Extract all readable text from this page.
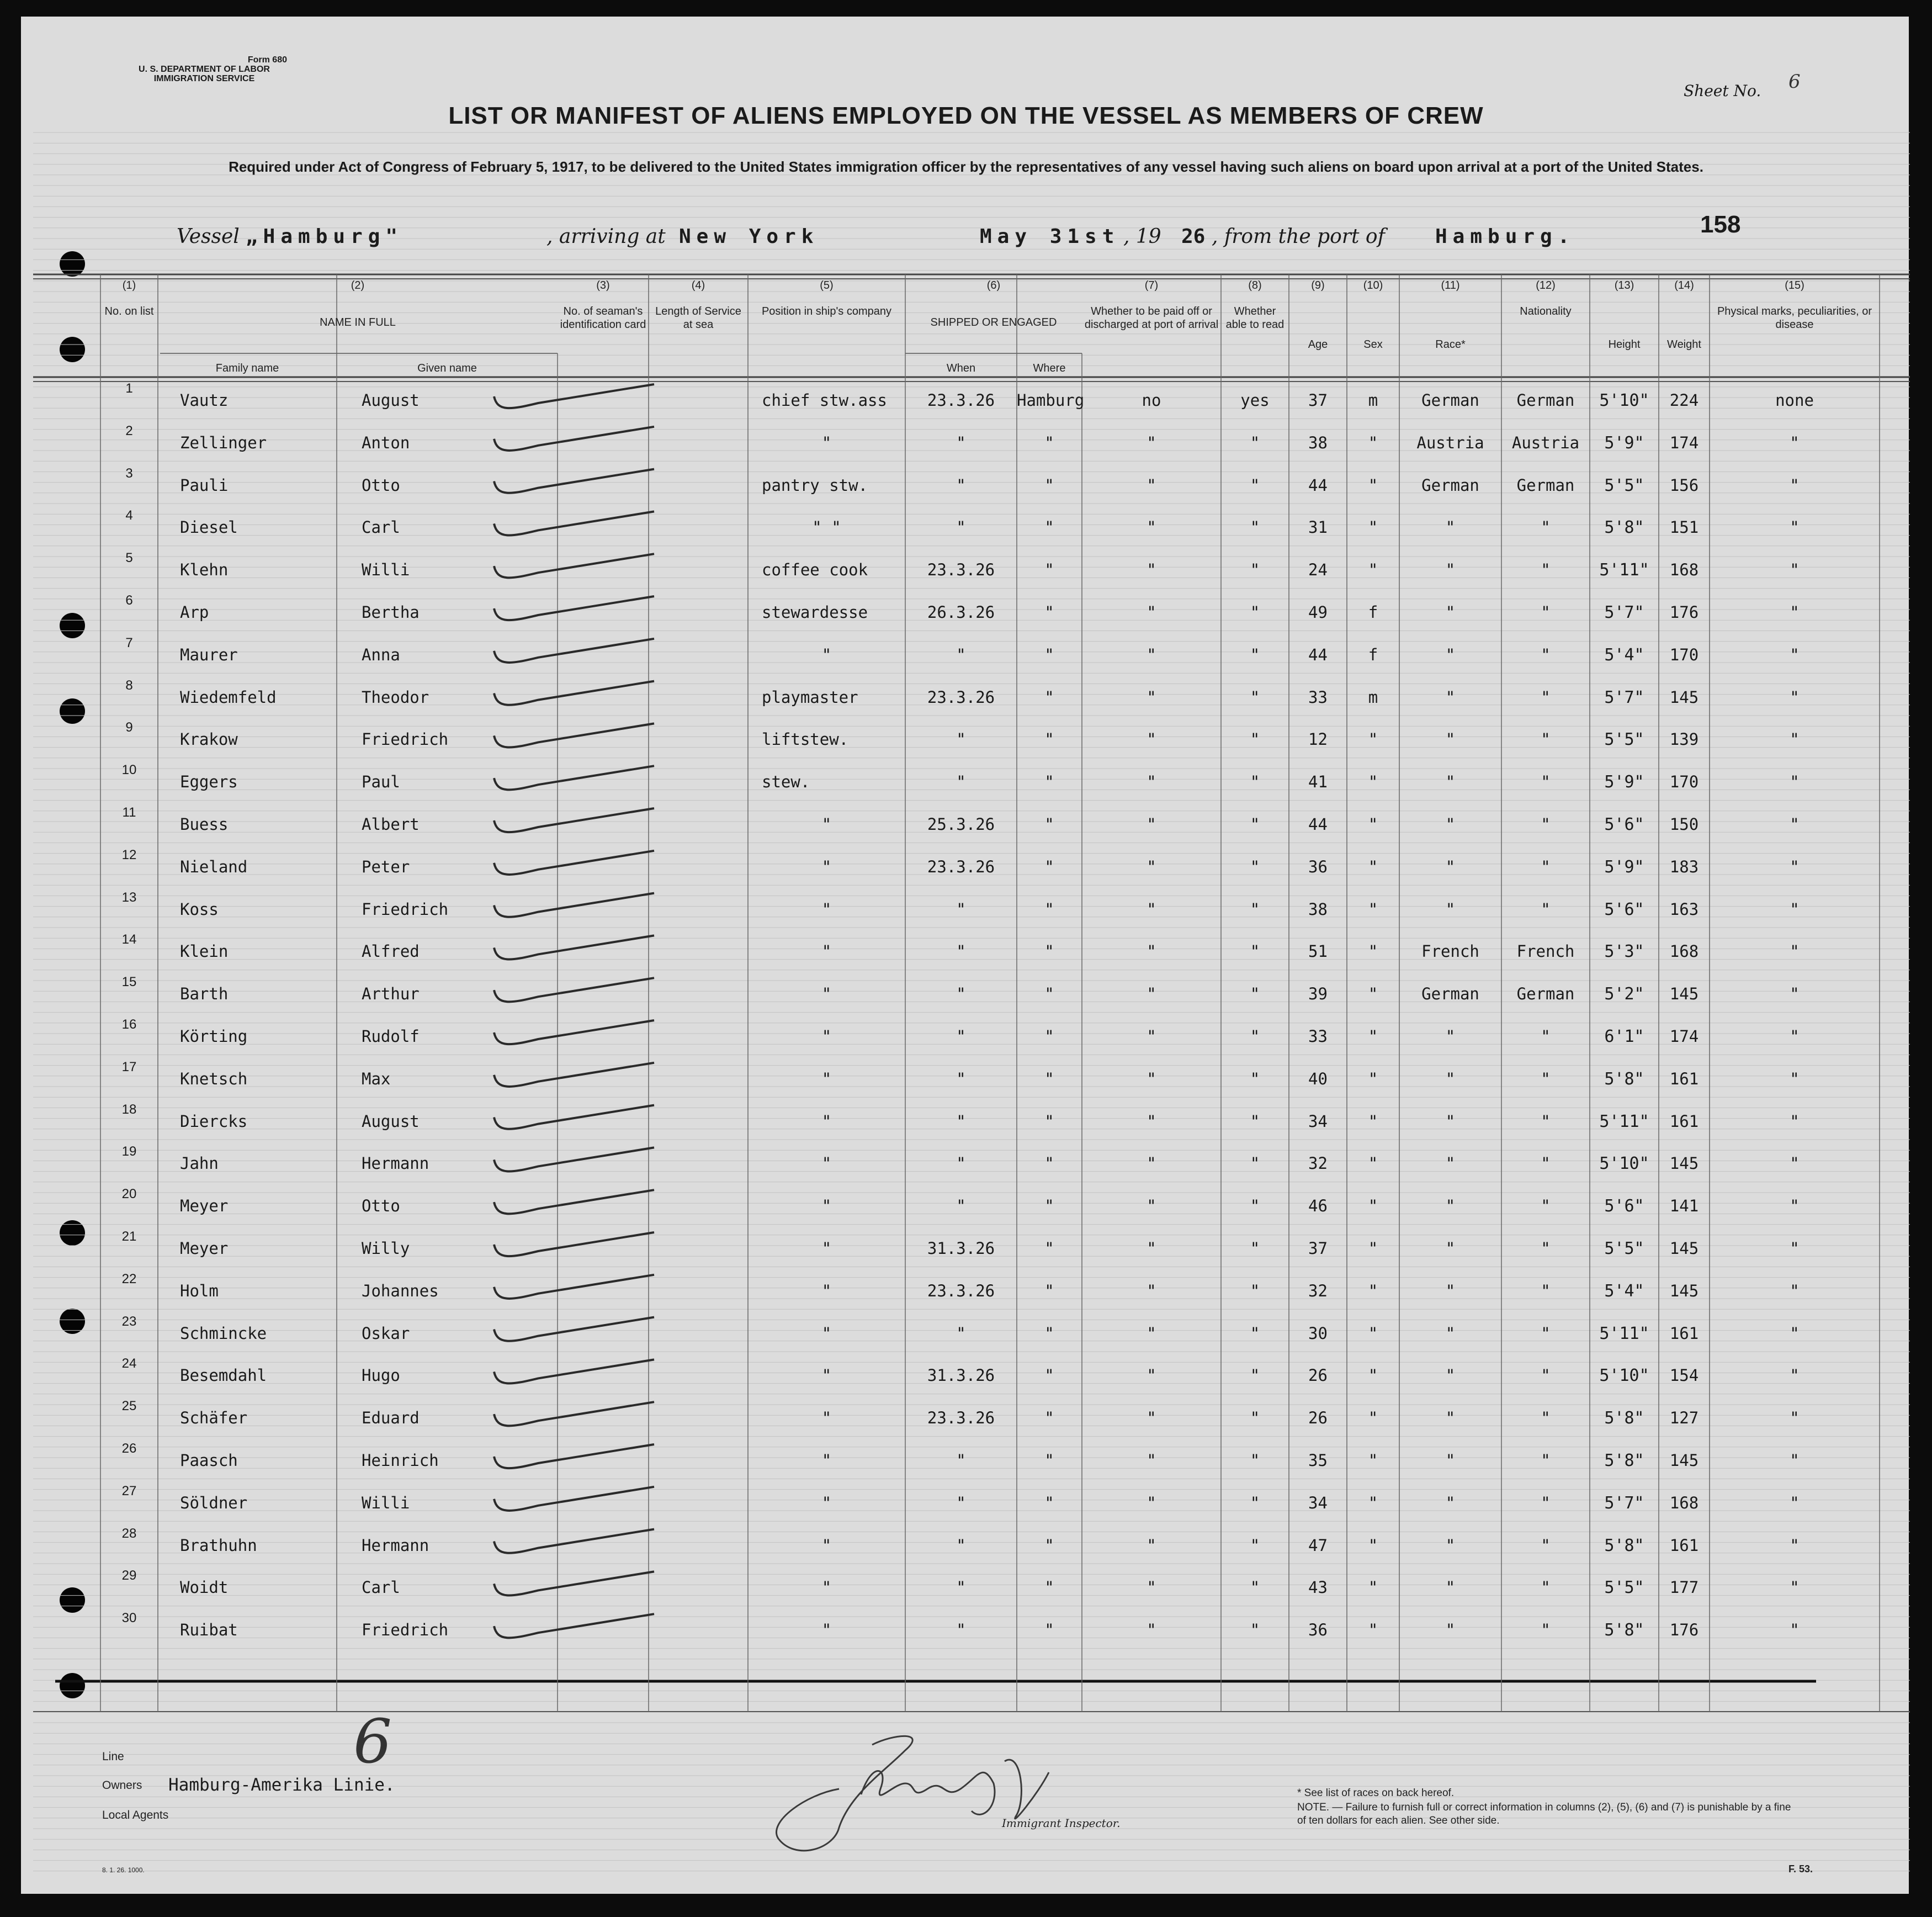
Form 680
U. S. DEPARTMENT OF LABOR
IMMIGRATION SERVICE
Sheet No. 6
LIST OR MANIFEST OF ALIENS EMPLOYED ON THE VESSEL AS MEMBERS OF CREW
Required under Act of Congress of February 5, 1917, to be delivered to the United States immigration officer by the representatives of any vessel having such aliens on board upon arrival at a port of the United States.
Vessel „Hamburg"	, arriving at New York	May 31st , 19 26 , from the port of	Hamburg.	158
(1)
No. on list
(2)
NAME IN FULL
Family name	Given name
(3)
No. of seaman's identification card
(4)
Length of Service at sea
(5)
Position in ship's company
(6)
SHIPPED OR ENGAGED
When	Where
(7)
Whether to be paid off or discharged at port of arrival
(8)
Whether able to read
(9)
Age
(10)
Sex
(11)
Race*
(12)
Nationality
(13)
Height
(14)
Weight
(15)
Physical marks, peculiarities, or disease
1
Vautz	August	chief stw.ass	23.3.26	Hamburg	no	yes	37	m	German	German	5'10"	224	none
2
Zellinger	Anton	"	"	"	"	"	38	"	Austria	Austria	5'9"	174	"
3
Pauli	Otto	pantry stw.	"	"	"	"	44	"	German	German	5'5"	156	"
4
Diesel	Carl	" "	"	"	"	"	31	"	"	"	5'8"	151	"
5
Klehn	Willi	coffee cook	23.3.26	"	"	"	24	"	"	"	5'11"	168	"
6
Arp	Bertha	stewardesse	26.3.26	"	"	"	49	f	"	"	5'7"	176	"
7
Maurer	Anna	"	"	"	"	"	44	f	"	"	5'4"	170	"
8
Wiedemfeld	Theodor	playmaster	23.3.26	"	"	"	33	m	"	"	5'7"	145	"
9
Krakow	Friedrich	liftstew.	"	"	"	"	12	"	"	"	5'5"	139	"
10
Eggers	Paul	stew.	"	"	"	"	41	"	"	"	5'9"	170	"
11
Buess	Albert	"	25.3.26	"	"	"	44	"	"	"	5'6"	150	"
12
Nieland	Peter	"	23.3.26	"	"	"	36	"	"	"	5'9"	183	"
13
Koss	Friedrich	"	"	"	"	"	38	"	"	"	5'6"	163	"
14
Klein	Alfred	"	"	"	"	"	51	"	French	French	5'3"	168	"
15
Barth	Arthur	"	"	"	"	"	39	"	German	German	5'2"	145	"
16
Körting	Rudolf	"	"	"	"	"	33	"	"	"	6'1"	174	"
17
Knetsch	Max	"	"	"	"	"	40	"	"	"	5'8"	161	"
18
Diercks	August	"	"	"	"	"	34	"	"	"	5'11"	161	"
19
Jahn	Hermann	"	"	"	"	"	32	"	"	"	5'10"	145	"
20
Meyer	Otto	"	"	"	"	"	46	"	"	"	5'6"	141	"
21
Meyer	Willy	"	31.3.26	"	"	"	37	"	"	"	5'5"	145	"
22
Holm	Johannes	"	23.3.26	"	"	"	32	"	"	"	5'4"	145	"
23
Schmincke	Oskar	"	"	"	"	"	30	"	"	"	5'11"	161	"
24
Besemdahl	Hugo	"	31.3.26	"	"	"	26	"	"	"	5'10"	154	"
25
Schäfer	Eduard	"	23.3.26	"	"	"	26	"	"	"	5'8"	127	"
26
Paasch	Heinrich	"	"	"	"	"	35	"	"	"	5'8"	145	"
27
Söldner	Willi	"	"	"	"	"	34	"	"	"	5'7"	168	"
28
Brathuhn	Hermann	"	"	"	"	"	47	"	"	"	5'8"	161	"
29
Woidt	Carl	"	"	"	"	"	43	"	"	"	5'5"	177	"
30
Ruibat	Friedrich	"	"	"	"	"	36	"	"	"	5'8"	176	"
Line
Owners Hamburg-Amerika Linie.
Local Agents
6
Immigrant Inspector.
* See list of races on back hereof.
NOTE. — Failure to furnish full or correct information in columns (2), (5), (6) and (7) is punishable by a fine of ten dollars for each alien. See other side.
F. 53.
8. 1. 26. 1000.
